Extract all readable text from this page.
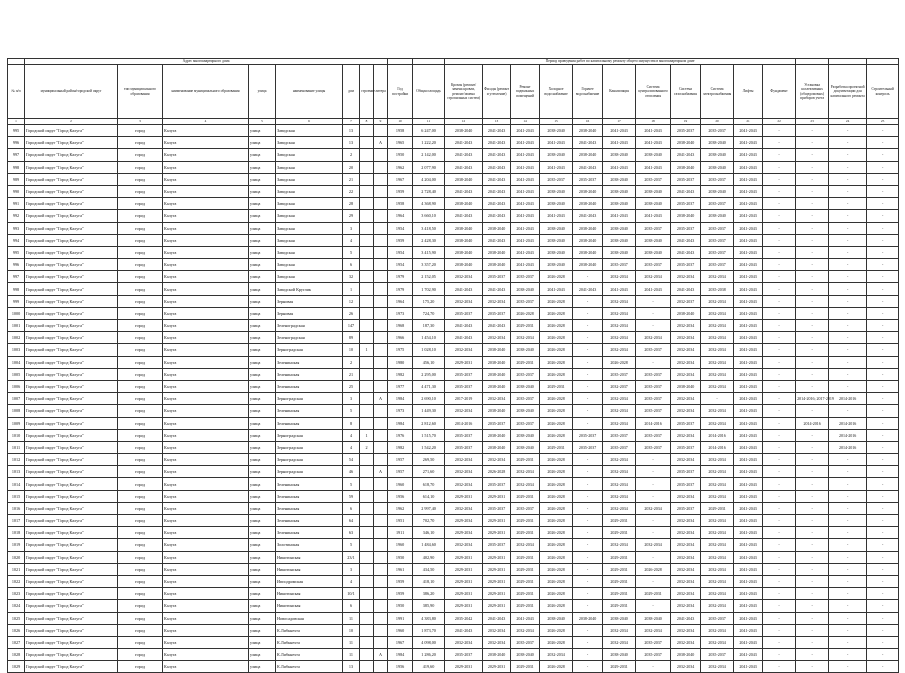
	Адрес многоквартирного дома										Период проведения работ по капитальному ремонту общего имущества в многоквартирном доме													
№ п/п	муниципальный район/городской округ	тип муниципального образования	наименование муниципального образования	улица	наименование улицы	дом	строение	литера	Год постройки	Общая площадь	Кровля (ремонт/замена кровли, ремонт/замена стропильных систем)	Фасады (ремонт и утепление)	Ремонт подвальных помещений	Холодное водоснабжение	Горячее водоснабжение	Канализация	Система централизованного отопления	Система газоснабжения	Система электроснабжения	Лифты	Фундамент	Установка коллективных (общедомовых) приборов учета	Разработка проектной документации для капитального ремонта	Строительный контроль
1	2	3	4	5	6	7	8	9	10	11	12	13	14	15	16	17	18	19	20	21	22	23	24	25
995	Городской округ "Город Калуга"	город	Калуга	улица	Заводская	13			1958	6 247,00	2038-2040	2041-2043	2041-2043	2038-2040	2038-2040	2041-2043	2041-2043	2035-2037	2035-2037	2041-2043	-	-	-	-
996	Городской округ "Город Калуга"	город	Калуга	улица	Заводская	13		А	1965	1 222,20	2041-2043	2041-2043	2041-2043	2041-2043	2041-2043	2041-2043	2041-2043	2038-2040	2038-2040	2041-2043	-	-	-	-
997	Городской округ "Город Калуга"	город	Калуга	улица	Заводская	2			1950	2 142,00	2041-2043	2041-2043	2041-2043	2038-2040	2038-2040	2038-2040	2038-2040	2041-2043	2038-2040	2041-2043	-	-	-	-
998	Городской округ "Город Калуга"	город	Калуга	улица	Заводская	20			1962	2 077,90	2041-2043	2041-2043	2041-2043	2041-2043	2041-2043	2041-2043	2041-2043	2038-2040	2038-2040	2041-2043	-	-	-	-
989	Городской округ "Город Калуга"	город	Калуга	улица	Заводская	21			1967	4 204,00	2038-2040	2041-2043	2041-2043	2035-2037	2035-2037	2038-2040	2035-2037	2035-2037	2035-2037	2041-2043	-	-	-	-
990	Городской округ "Город Калуга"	город	Калуга	улица	Заводская	22			1959	2 728,40	2041-2043	2041-2043	2041-2043	2038-2040	2038-2040	2038-2040	2038-2040	2041-2043	2038-2040	2041-2043	-	-	-	-
991	Городской округ "Город Калуга"	город	Калуга	улица	Заводская	28			1958	4 368,90	2038-2040	2041-2043	2041-2043	2038-2040	2038-2040	2038-2040	2038-2040	2035-2037	2035-2037	2041-2043	-	-	-	-
992	Городской округ "Город Калуга"	город	Калуга	улица	Заводская	29			1964	3 660,10	2041-2043	2041-2043	2041-2043	2041-2043	2041-2043	2041-2043	2041-2043	2038-2040	2038-2040	2041-2043	-	-	-	-
993	Городской округ "Город Калуга"	город	Калуга	улица	Заводская	3			1954	3 418,50	2038-2040	2038-2040	2041-2043	2038-2040	2038-2040	2038-2040	2035-2037	2035-2037	2035-2037	2041-2043	-	-	-	-
994	Городской округ "Город Калуга"	город	Калуга	улица	Заводская	4			1959	2 428,30	2038-2040	2041-2043	2041-2043	2038-2040	2038-2040	2038-2040	2038-2040	2041-2043	2035-2037	2041-2043	-	-	-	-
995	Городской округ "Город Калуга"	город	Калуга	улица	Заводская	5			1954	3 415,90	2038-2040	2038-2040	2041-2043	2038-2040	2038-2040	2038-2040	2038-2040	2041-2043	2035-2037	2041-2043	-	-	-	-
996	Городской округ "Город Калуга"	город	Калуга	улица	Заводская	6			1954	3 357,20	2038-2040	2038-2040	2041-2043	2038-2040	2038-2040	2035-2037	2035-2037	2035-2037	2035-2037	2041-2043	-	-	-	-
997	Городской округ "Город Калуга"	город	Калуга	улица	Заводская	32			1979	2 152,05	2032-2034	2035-2037	2035-2037	2026-2028	-	2032-2034	2032-2034	2032-2034	2032-2034	2041-2043	-	-	-	-
998	Городской округ "Город Калуга"	город	Калуга	улица	Заводской Круглик	1			1979	1 702,90	2041-2043	2041-2043	2038-2040	2041-2043	2041-2043	2041-2043	2041-2043	2041-2043	2035-2038	2041-2043	-	-	-	-
999	Городской округ "Город Калуга"	город	Калуга	улица	Зерновая	12			1964	175,20	2032-2034	2032-2034	2035-2037	2026-2028	-	2032-2034	-	2032-2037	2032-2034	2041-2043	-	-	-	-
1000	Городской округ "Город Калуга"	город	Калуга	улица	Зерновая	26			1973	724,70	2035-2037	2035-2037	2026-2028	2026-2028	-	2032-2034	-	2038-2040	2032-2034	2041-2043	-	-	-	-
1001	Городской округ "Город Калуга"	город	Калуга	улица	Зеленоградская	147			1968	187,30	2041-2043	2041-2043	2029-2031	2026-2028	-	2032-2034	-	2032-2034	2032-2034	2041-2043	-	-	-	-
1002	Городской округ "Город Калуга"	город	Калуга	улица	Зеленоградская	89			1966	1 454,10	2041-2043	2032-2034	2032-2034	2026-2028	-	2032-2034	2032-2034	2032-2034	2032-2034	2041-2043	-	-	-	-
1003	Городской округ "Город Калуга"	город	Калуга	улица	Зерноградская	10	1		1975	1 028,10	2032-2034	2038-2040	2038-2040	2026-2028	-	2032-2034	2035-2037	2032-2034	2032-2034	2041-2043	-	-	-	-
1004	Городской округ "Город Калуга"	город	Калуга	улица	Зеленинская	2			1980	456,10	2029-2031	2038-2040	2029-2031	2026-2028	-	2026-2028	-	2032-2034	2032-2034	2041-2043	-	-	-	-
1005	Городской округ "Город Калуга"	город	Калуга	улица	Зеленинская	21			1982	2 295,00	2035-2037	2038-2040	2035-2037	2026-2028	-	2035-2037	2035-2037	2032-2034	2032-2034	2041-2043	-	-	-	-
1006	Городской округ "Город Калуга"	город	Калуга	улица	Зеленинская	25			1977	4 471,30	2035-2037	2038-2040	2038-2040	2029-2031	-	2032-2037	2035-2037	2038-2040	2032-2034	2041-2043	-	-	-	-
1007	Городской округ "Город Калуга"	город	Калуга	улица	Зерноградская	3		А	1984	2 690,10	2017-2019	2032-2034	2035-2037	2026-2028	-	2032-2034	2035-2037	2032-2034	-	2041-2043	-	2014-2016; 2017-2019	2014-2016	-
1008	Городской округ "Город Калуга"	город	Калуга	улица	Зеленинская	5			1973	1 449,30	2032-2034	2038-2040	2038-2040	2026-2028	-	2032-2034	2035-2037	2032-2034	2032-2034	2041-2043	-	-	-	-
1009	Городской округ "Город Калуга"	город	Калуга	улица	Зеленинская	8			1984	2 812,60	2014-2016	2035-2037	2035-2037	2026-2028	-	2032-2034	2014-2016	2035-2037	2032-2034	2041-2043	-	2014-2016	2014-2016	-
1010	Городской округ "Город Калуга"	город	Калуга	улица	Зерноградская	4	1		1976	1 515,70	2035-2037	2038-2040	2038-2040	2026-2028	2035-2037	2035-2037	2035-2037	2032-2034	2014-2016	2041-2043	-	-	2014-2016	-
1011	Городской округ "Город Калуга"	город	Калуга	улица	Зерноградская	4	2		1982	1 542,20	2035-2037	2038-2040	2038-2040	2029-2031	2035-2037	2035-2037	2035-2037	2035-2037	2014-2016	2041-2043	-	-	2014-2016	-
1012	Городской округ "Город Калуга"	город	Калуга	улица	Зерноградская	54			1957	269,50	2032-2034	2032-2034	2029-2031	2026-2028	-	2032-2034	-	2032-2034	2032-2034	2041-2043	-	-	-	-
1013	Городской округ "Город Калуга"	город	Калуга	улица	Зерноградская	46		А	1957	271,60	2032-2034	2026-2028	2032-2034	2026-2028	-	2032-2034	-	2035-2037	2032-2034	2041-2043	-	-	-	-
1014	Городской округ "Город Калуга"	город	Калуга	улица	Зеленинская	5			1960	618,70	2032-2034	2035-2037	2032-2034	2026-2028	-	2032-2034	-	2035-2037	2032-2034	2041-2043	-	-	-	-
1015	Городской округ "Город Калуга"	город	Калуга	улица	Зеленинская	59			1956	614,10	2029-2031	2029-2031	2029-2031	2026-2028	-	2032-2034	-	2032-2034	2032-2034	2041-2043	-	-	-	-
1016	Городской округ "Город Калуга"	город	Калуга	улица	Зеленинская	6			1962	2 997,40	2032-2034	2035-2037	2035-2037	2026-2028	-	2032-2034	2032-2034	2035-2037	2029-2031	2041-2043	-	-	-	-
1017	Городской округ "Город Калуга"	город	Калуга	улица	Зеленинская	64			1951	702,70	2029-2034	2029-2031	2029-2031	2026-2028	-	2029-2031	-	2032-2034	2032-2034	2041-2043	-	-	-	-
1018	Городской округ "Город Калуга"	город	Калуга	улица	Зеленинская	63			1911	346,10	2029-2034	2029-2031	2029-2031	2026-2028	-	2029-2031	-	2032-2034	2032-2034	2041-2043	-	-	-	-
1019	Городской округ "Город Калуга"	город	Калуга	улица	Золотинская	5			1960	1 484,60	2032-2034	2035-2037	2032-2034	2026-2028	-	2032-2034	2032-2034	2032-2034	2032-2034	2041-2043	-	-	-	-
1020	Городской округ "Город Калуга"	город	Калуга	улица	Никитинская	23/1			1950	402,90	2029-2031	2029-2031	2029-2031	2026-2028	-	2029-2031	-	2032-2034	2032-2034	2041-2043	-	-	-	-
1021	Городской округ "Город Калуга"	город	Калуга	улица	Никитинская	3			1961	434,50	2029-2031	2029-2031	2029-2031	2026-2028	-	2029-2031	2026-2028	2032-2034	2032-2034	2041-2043	-	-	-	-
1022	Городской округ "Город Калуга"	город	Калуга	улица	Ипподромская	4			1959	418,10	2029-2031	2029-2031	2029-2031	2026-2028	-	2029-2031	-	2032-2034	2032-2034	2041-2043	-	-	-	-
1023	Городской округ "Город Калуга"	город	Калуга	улица	Никитинская	10/1			1959	386,20	2029-2031	2029-2031	2029-2031	2026-2028	-	2029-2031	2029-2031	2032-2034	2032-2034	2041-2043	-	-	-	-
1024	Городской округ "Город Калуга"	город	Калуга	улица	Никитинская	6			1950	385,90	2029-2031	2029-2031	2029-2031	2026-2028	-	2029-2031	-	2032-2034	2032-2034	2041-2043	-	-	-	-
1025	Городской округ "Город Калуга"	город	Калуга	улица	Новосадовская	11			1991	4 383,80	2035-2042	2041-2043	2041-2043	2038-2040	2038-2040	2038-2040	2038-2040	2041-2043	2035-2037	2041-2043	-	-	-	-
1026	Городской округ "Город Калуга"	город	Калуга	улица	К.Либкнехта	10			1960	1 873,70	2041-2043	2032-2034	2032-2034	2026-2028	-	2032-2034	2032-2034	2032-2034	2032-2034	2041-2043	-	-	-	-
1027	Городской округ "Город Калуга"	город	Калуга	улица	К.Либкнехта	11			1967	4 098,00	2032-2034	2032-2034	2035-2037	2026-2028	-	2032-2034	2035-2037	2032-2034	2032-2034	2041-2043	-	-	-	-
1028	Городской округ "Город Калуга"	город	Калуга	улица	К.Либкнехта	11		А	1984	1 286,20	2035-2037	2038-2040	2038-2040	2032-2034	-	2038-2040	2035-2037	2038-2040	2035-2037	2041-2043	-	-	-	-
1029	Городской округ "Город Калуга"	город	Калуга	улица	К.Либкнехта	13			1956	419,60	2029-2031	2029-2031	2029-2031	2026-2028	-	2029-2031	-	2032-2034	2032-2034	2041-2043	-	-	-	-
